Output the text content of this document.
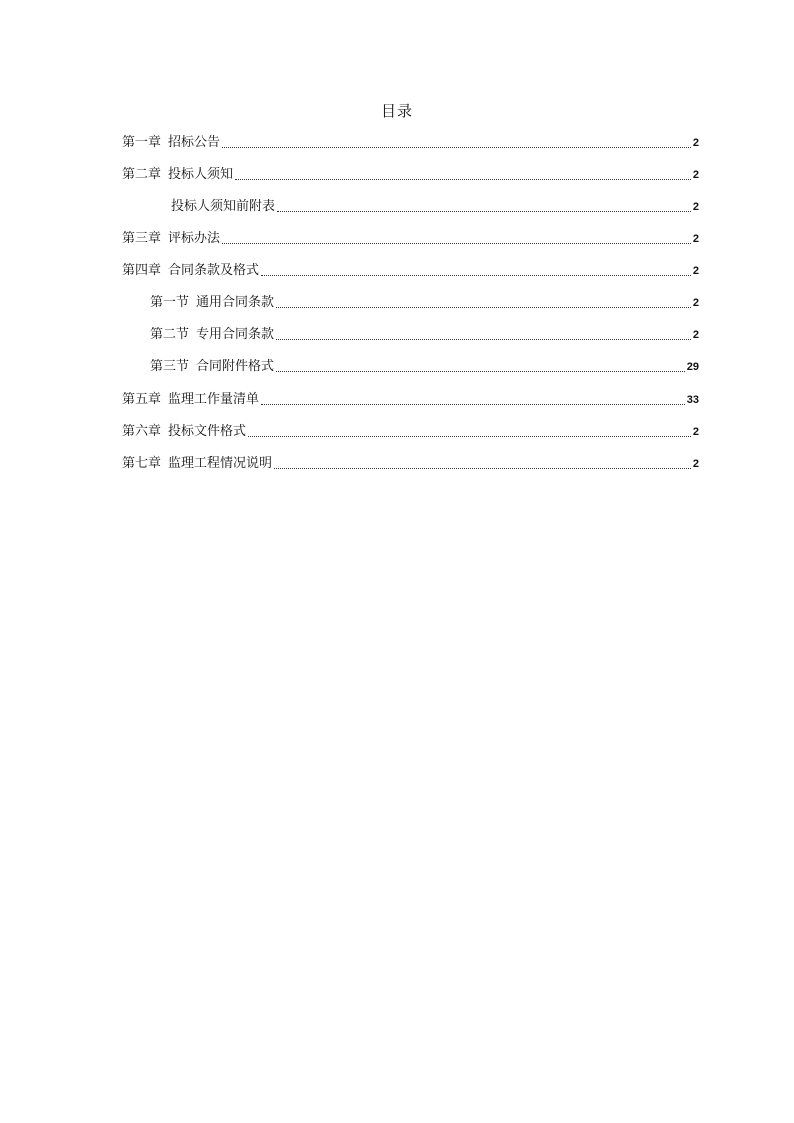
目录
第一章 招标公告	2
第二章 投标人须知	2
投标人须知前附表	2
第三章 评标办法	2
第四章 合同条款及格式	2
第一节 通用合同条款	2
第二节 专用合同条款	2
第三节 合同附件格式	29
第五章 监理工作量清单	33
第六章 投标文件格式	2
第七章 监理工程情况说明	2
